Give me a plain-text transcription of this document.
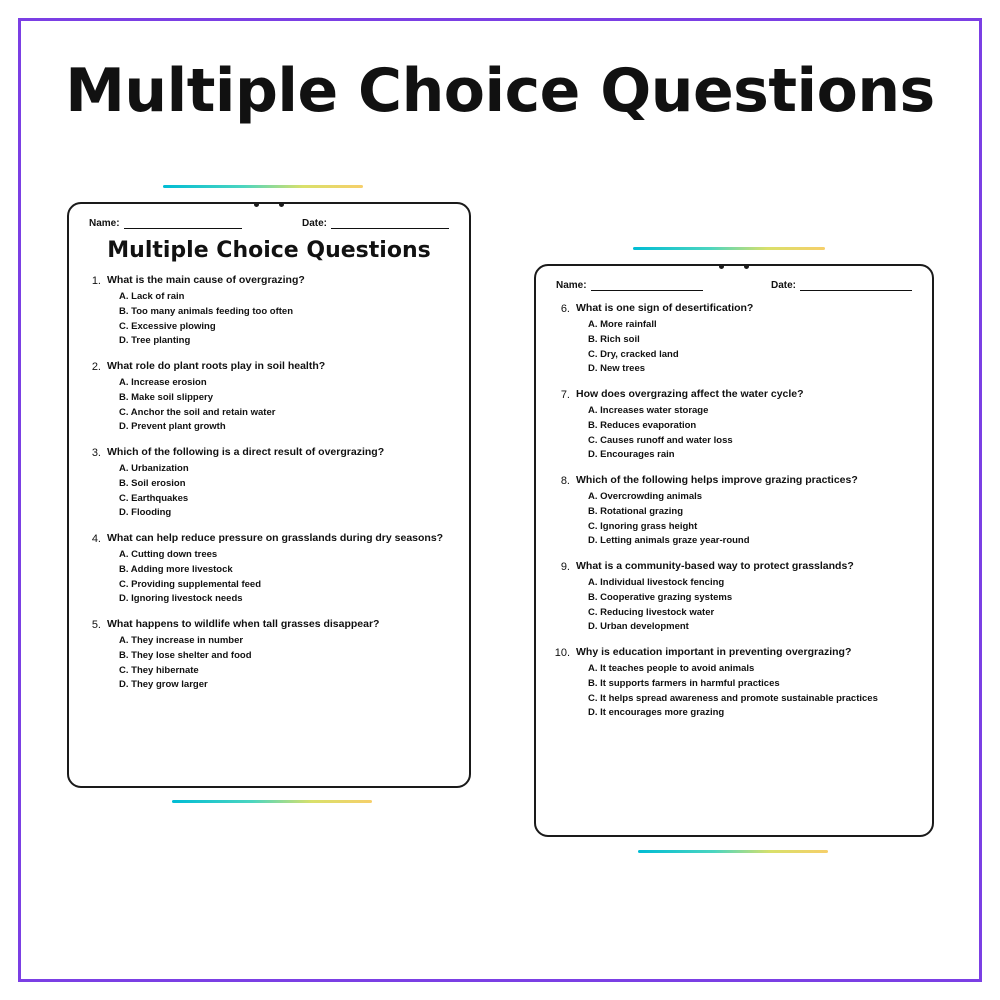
Multiple Choice Questions
Name:	Date:
Multiple Choice Questions
1. What is the main cause of overgrazing?
A. Lack of rain
B. Too many animals feeding too often
C. Excessive plowing
D. Tree planting
2. What role do plant roots play in soil health?
A. Increase erosion
B. Make soil slippery
C. Anchor the soil and retain water
D. Prevent plant growth
3. Which of the following is a direct result of overgrazing?
A. Urbanization
B. Soil erosion
C. Earthquakes
D. Flooding
4. What can help reduce pressure on grasslands during dry seasons?
A. Cutting down trees
B. Adding more livestock
C. Providing supplemental feed
D. Ignoring livestock needs
5. What happens to wildlife when tall grasses disappear?
A. They increase in number
B. They lose shelter and food
C. They hibernate
D. They grow larger
Name:	Date:
6. What is one sign of desertification?
A. More rainfall
B. Rich soil
C. Dry, cracked land
D. New trees
7. How does overgrazing affect the water cycle?
A. Increases water storage
B. Reduces evaporation
C. Causes runoff and water loss
D. Encourages rain
8. Which of the following helps improve grazing practices?
A. Overcrowding animals
B. Rotational grazing
C. Ignoring grass height
D. Letting animals graze year-round
9. What is a community-based way to protect grasslands?
A. Individual livestock fencing
B. Cooperative grazing systems
C. Reducing livestock water
D. Urban development
10. Why is education important in preventing overgrazing?
A. It teaches people to avoid animals
B. It supports farmers in harmful practices
C. It helps spread awareness and promote sustainable practices
D. It encourages more grazing
